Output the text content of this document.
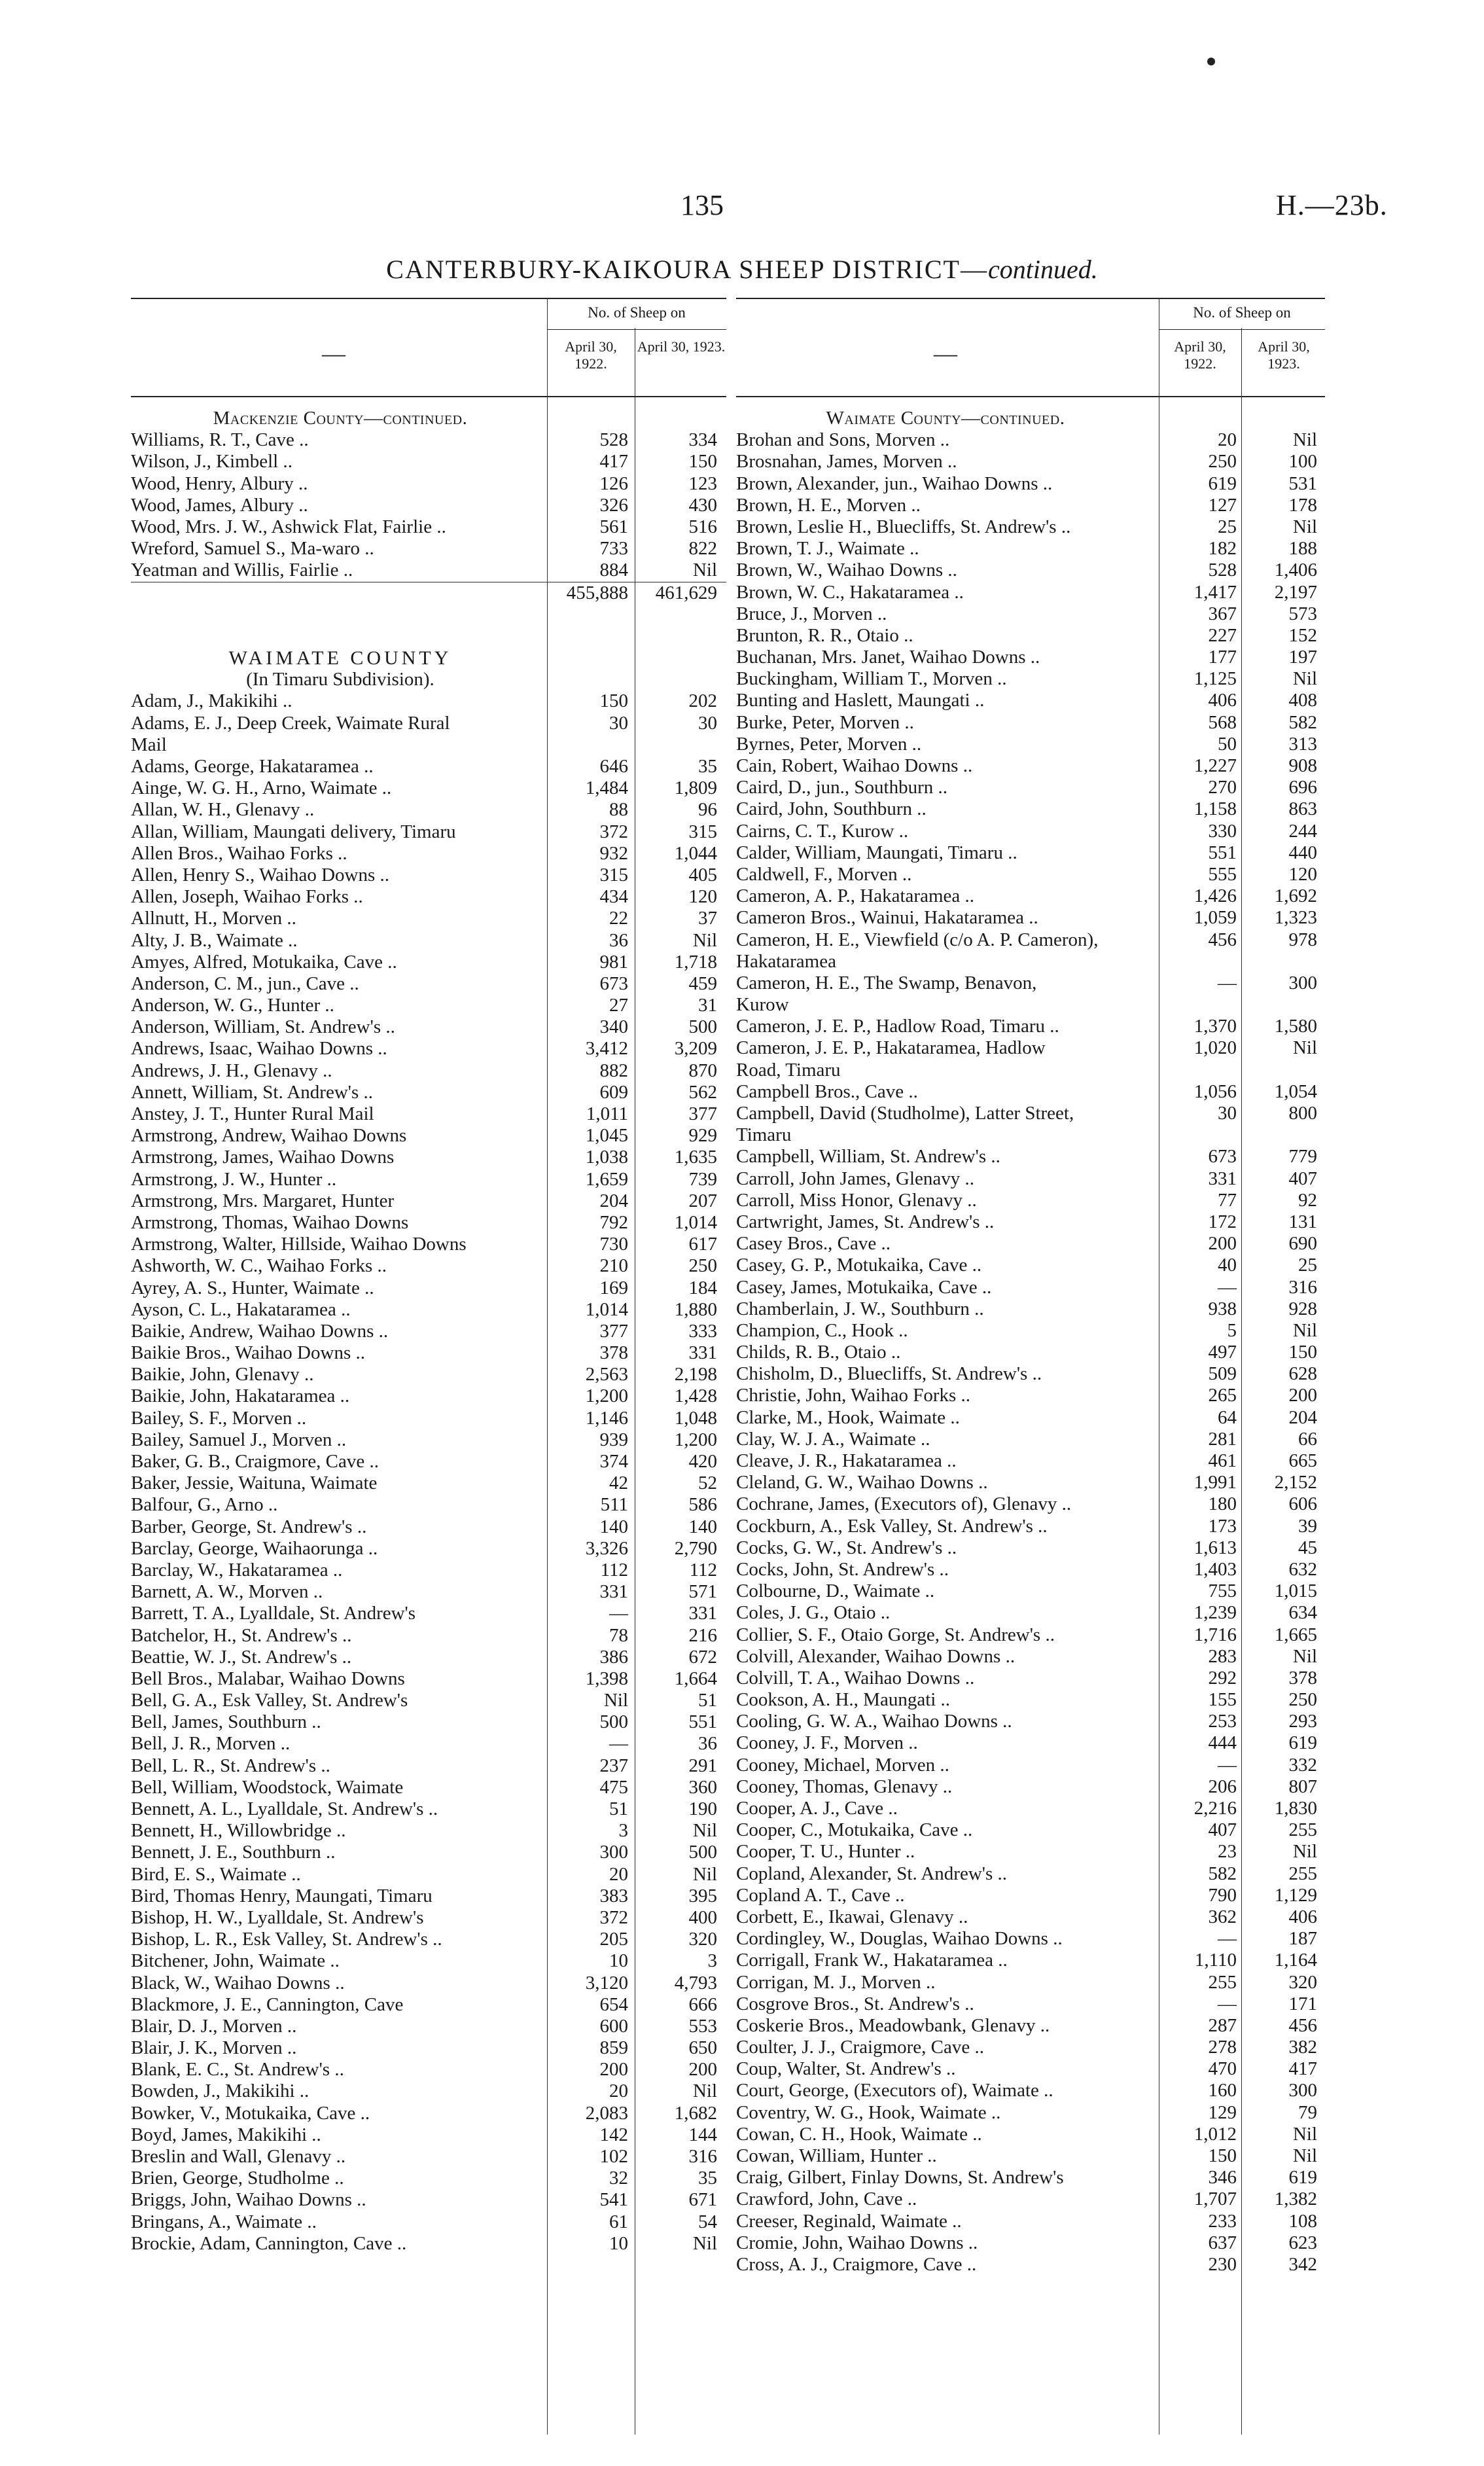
135	H.—23b.
CANTERBURY-KAIKOURA SHEEP DISTRICT—continued.
—
No. of Sheep on
April 30, 1922.
April 30, 1923.
Mackenzie County—continued.
Williams, R. T., Cave ..	528	334
Wilson, J., Kimbell ..	417	150
Wood, Henry, Albury ..	126	123
Wood, James, Albury ..	326	430
Wood, Mrs. J. W., Ashwick Flat, Fairlie ..	561	516
Wreford, Samuel S., Ma-waro ..	733	822
Yeatman and Willis, Fairlie ..	884	Nil
455,888	461,629
WAIMATE COUNTY
(In Timaru Subdivision).
Adam, J., Makikihi ..	150	202
Adams, E. J., Deep Creek, Waimate Rural	30	30
Mail
Adams, George, Hakataramea ..	646	35
Ainge, W. G. H., Arno, Waimate ..	1,484	1,809
Allan, W. H., Glenavy ..	88	96
Allan, William, Maungati delivery, Timaru	372	315
Allen Bros., Waihao Forks ..	932	1,044
Allen, Henry S., Waihao Downs ..	315	405
Allen, Joseph, Waihao Forks ..	434	120
Allnutt, H., Morven ..	22	37
Alty, J. B., Waimate ..	36	Nil
Amyes, Alfred, Motukaika, Cave ..	981	1,718
Anderson, C. M., jun., Cave ..	673	459
Anderson, W. G., Hunter ..	27	31
Anderson, William, St. Andrew's ..	340	500
Andrews, Isaac, Waihao Downs ..	3,412	3,209
Andrews, J. H., Glenavy ..	882	870
Annett, William, St. Andrew's ..	609	562
Anstey, J. T., Hunter Rural Mail	1,011	377
Armstrong, Andrew, Waihao Downs	1,045	929
Armstrong, James, Waihao Downs	1,038	1,635
Armstrong, J. W., Hunter ..	1,659	739
Armstrong, Mrs. Margaret, Hunter	204	207
Armstrong, Thomas, Waihao Downs	792	1,014
Armstrong, Walter, Hillside, Waihao Downs	730	617
Ashworth, W. C., Waihao Forks ..	210	250
Ayrey, A. S., Hunter, Waimate ..	169	184
Ayson, C. L., Hakataramea ..	1,014	1,880
Baikie, Andrew, Waihao Downs ..	377	333
Baikie Bros., Waihao Downs ..	378	331
Baikie, John, Glenavy ..	2,563	2,198
Baikie, John, Hakataramea ..	1,200	1,428
Bailey, S. F., Morven ..	1,146	1,048
Bailey, Samuel J., Morven ..	939	1,200
Baker, G. B., Craigmore, Cave ..	374	420
Baker, Jessie, Waituna, Waimate	42	52
Balfour, G., Arno ..	511	586
Barber, George, St. Andrew's ..	140	140
Barclay, George, Waihaorunga ..	3,326	2,790
Barclay, W., Hakataramea ..	112	112
Barnett, A. W., Morven ..	331	571
Barrett, T. A., Lyalldale, St. Andrew's	—	331
Batchelor, H., St. Andrew's ..	78	216
Beattie, W. J., St. Andrew's ..	386	672
Bell Bros., Malabar, Waihao Downs	1,398	1,664
Bell, G. A., Esk Valley, St. Andrew's	Nil	51
Bell, James, Southburn ..	500	551
Bell, J. R., Morven ..	—	36
Bell, L. R., St. Andrew's ..	237	291
Bell, William, Woodstock, Waimate	475	360
Bennett, A. L., Lyalldale, St. Andrew's ..	51	190
Bennett, H., Willowbridge ..	3	Nil
Bennett, J. E., Southburn ..	300	500
Bird, E. S., Waimate ..	20	Nil
Bird, Thomas Henry, Maungati, Timaru	383	395
Bishop, H. W., Lyalldale, St. Andrew's	372	400
Bishop, L. R., Esk Valley, St. Andrew's ..	205	320
Bitchener, John, Waimate ..	10	3
Black, W., Waihao Downs ..	3,120	4,793
Blackmore, J. E., Cannington, Cave	654	666
Blair, D. J., Morven ..	600	553
Blair, J. K., Morven ..	859	650
Blank, E. C., St. Andrew's ..	200	200
Bowden, J., Makikihi ..	20	Nil
Bowker, V., Motukaika, Cave ..	2,083	1,682
Boyd, James, Makikihi ..	142	144
Breslin and Wall, Glenavy ..	102	316
Brien, George, Studholme ..	32	35
Briggs, John, Waihao Downs ..	541	671
Bringans, A., Waimate ..	61	54
Brockie, Adam, Cannington, Cave ..	10	Nil
—
No. of Sheep on
April 30, 1922.
April 30, 1923.
Waimate County—continued.
Brohan and Sons, Morven ..	20	Nil
Brosnahan, James, Morven ..	250	100
Brown, Alexander, jun., Waihao Downs ..	619	531
Brown, H. E., Morven ..	127	178
Brown, Leslie H., Bluecliffs, St. Andrew's ..	25	Nil
Brown, T. J., Waimate ..	182	188
Brown, W., Waihao Downs ..	528	1,406
Brown, W. C., Hakataramea ..	1,417	2,197
Bruce, J., Morven ..	367	573
Brunton, R. R., Otaio ..	227	152
Buchanan, Mrs. Janet, Waihao Downs ..	177	197
Buckingham, William T., Morven ..	1,125	Nil
Bunting and Haslett, Maungati ..	406	408
Burke, Peter, Morven ..	568	582
Byrnes, Peter, Morven ..	50	313
Cain, Robert, Waihao Downs ..	1,227	908
Caird, D., jun., Southburn ..	270	696
Caird, John, Southburn ..	1,158	863
Cairns, C. T., Kurow ..	330	244
Calder, William, Maungati, Timaru ..	551	440
Caldwell, F., Morven ..	555	120
Cameron, A. P., Hakataramea ..	1,426	1,692
Cameron Bros., Wainui, Hakataramea ..	1,059	1,323
Cameron, H. E., Viewfield (c/o A. P. Cameron),	456	978
Hakataramea
Cameron, H. E., The Swamp, Benavon,	—	300
Kurow
Cameron, J. E. P., Hadlow Road, Timaru ..	1,370	1,580
Cameron, J. E. P., Hakataramea, Hadlow	1,020	Nil
Road, Timaru
Campbell Bros., Cave ..	1,056	1,054
Campbell, David (Studholme), Latter Street,	30	800
Timaru
Campbell, William, St. Andrew's ..	673	779
Carroll, John James, Glenavy ..	331	407
Carroll, Miss Honor, Glenavy ..	77	92
Cartwright, James, St. Andrew's ..	172	131
Casey Bros., Cave ..	200	690
Casey, G. P., Motukaika, Cave ..	40	25
Casey, James, Motukaika, Cave ..	—	316
Chamberlain, J. W., Southburn ..	938	928
Champion, C., Hook ..	5	Nil
Childs, R. B., Otaio ..	497	150
Chisholm, D., Bluecliffs, St. Andrew's ..	509	628
Christie, John, Waihao Forks ..	265	200
Clarke, M., Hook, Waimate ..	64	204
Clay, W. J. A., Waimate ..	281	66
Cleave, J. R., Hakataramea ..	461	665
Cleland, G. W., Waihao Downs ..	1,991	2,152
Cochrane, James, (Executors of), Glenavy ..	180	606
Cockburn, A., Esk Valley, St. Andrew's ..	173	39
Cocks, G. W., St. Andrew's ..	1,613	45
Cocks, John, St. Andrew's ..	1,403	632
Colbourne, D., Waimate ..	755	1,015
Coles, J. G., Otaio ..	1,239	634
Collier, S. F., Otaio Gorge, St. Andrew's ..	1,716	1,665
Colvill, Alexander, Waihao Downs ..	283	Nil
Colvill, T. A., Waihao Downs ..	292	378
Cookson, A. H., Maungati ..	155	250
Cooling, G. W. A., Waihao Downs ..	253	293
Cooney, J. F., Morven ..	444	619
Cooney, Michael, Morven ..	—	332
Cooney, Thomas, Glenavy ..	206	807
Cooper, A. J., Cave ..	2,216	1,830
Cooper, C., Motukaika, Cave ..	407	255
Cooper, T. U., Hunter ..	23	Nil
Copland, Alexander, St. Andrew's ..	582	255
Copland A. T., Cave ..	790	1,129
Corbett, E., Ikawai, Glenavy ..	362	406
Cordingley, W., Douglas, Waihao Downs ..	—	187
Corrigall, Frank W., Hakataramea ..	1,110	1,164
Corrigan, M. J., Morven ..	255	320
Cosgrove Bros., St. Andrew's ..	—	171
Coskerie Bros., Meadowbank, Glenavy ..	287	456
Coulter, J. J., Craigmore, Cave ..	278	382
Coup, Walter, St. Andrew's ..	470	417
Court, George, (Executors of), Waimate ..	160	300
Coventry, W. G., Hook, Waimate ..	129	79
Cowan, C. H., Hook, Waimate ..	1,012	Nil
Cowan, William, Hunter ..	150	Nil
Craig, Gilbert, Finlay Downs, St. Andrew's	346	619
Crawford, John, Cave ..	1,707	1,382
Creeser, Reginald, Waimate ..	233	108
Cromie, John, Waihao Downs ..	637	623
Cross, A. J., Craigmore, Cave ..	230	342
